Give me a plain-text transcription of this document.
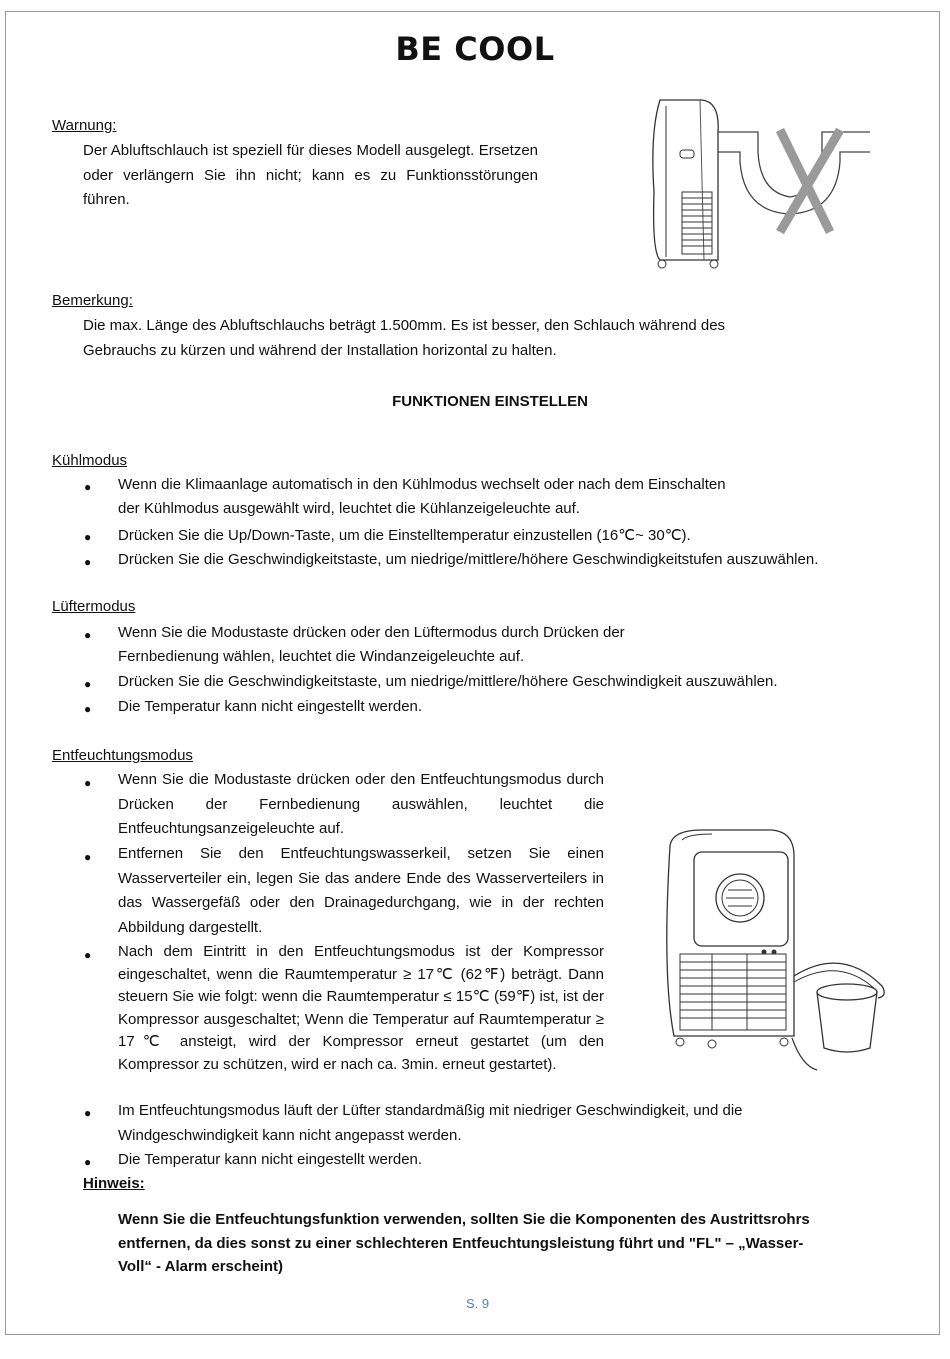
BE COOL
Warnung:
Der Abluftschlauch ist speziell für dieses Modell ausgelegt. Ersetzen oder verlängern Sie ihn nicht; kann es zu Funktionsstörungen führen.
Bemerkung:
Die max. Länge des Abluftschlauchs beträgt 1.500mm. Es ist besser, den Schlauch während des
Gebrauchs zu kürzen und während der Installation horizontal zu halten.
FUNKTIONEN EINSTELLEN
Kühlmodus
● Wenn die Klimaanlage automatisch in den Kühlmodus wechselt oder nach dem Einschalten
der Kühlmodus ausgewählt wird, leuchtet die Kühlanzeigeleuchte auf.
● Drücken Sie die Up/Down-Taste, um die Einstelltemperatur einzustellen (16℃~ 30℃).
● Drücken Sie die Geschwindigkeitstaste, um niedrige/mittlere/höhere Geschwindigkeitstufen auszuwählen.
Lüftermodus
● Wenn Sie die Modustaste drücken oder den Lüftermodus durch Drücken der
Fernbedienung wählen, leuchtet die Windanzeigeleuchte auf.
● Drücken Sie die Geschwindigkeitstaste, um niedrige/mittlere/höhere Geschwindigkeit auszuwählen.
● Die Temperatur kann nicht eingestellt werden.
Entfeuchtungsmodus
● Wenn Sie die Modustaste drücken oder den Entfeuchtungsmodus durch Drücken der Fernbedienung auswählen, leuchtet die Entfeuchtungsanzeigeleuchte auf.
● Entfernen Sie den Entfeuchtungswasserkeil, setzen Sie einen Wasserverteiler ein, legen Sie das andere Ende des Wasserverteilers in das Wassergefäß oder den Drainagedurchgang, wie in der rechten Abbildung dargestellt.
● Nach dem Eintritt in den Entfeuchtungsmodus ist der Kompressor eingeschaltet, wenn die Raumtemperatur ≥ 17℃ (62℉) beträgt. Dann steuern Sie wie folgt: wenn die Raumtemperatur ≤ 15℃ (59℉) ist, ist der Kompressor ausgeschaltet; Wenn die Temperatur auf Raumtemperatur ≥ 17℃ ansteigt, wird der Kompressor erneut gestartet (um den Kompressor zu schützen, wird er nach ca. 3min. erneut gestartet).
● Im Entfeuchtungsmodus läuft der Lüfter standardmäßig mit niedriger Geschwindigkeit, und die
Windgeschwindigkeit kann nicht angepasst werden.
● Die Temperatur kann nicht eingestellt werden.
Hinweis:
Wenn Sie die Entfeuchtungsfunktion verwenden, sollten Sie die Komponenten des Austrittsrohrs
entfernen, da dies sonst zu einer schlechteren Entfeuchtungsleistung führt und "FL" – „Wasser-
Voll“ - Alarm erscheint)
S. 9
